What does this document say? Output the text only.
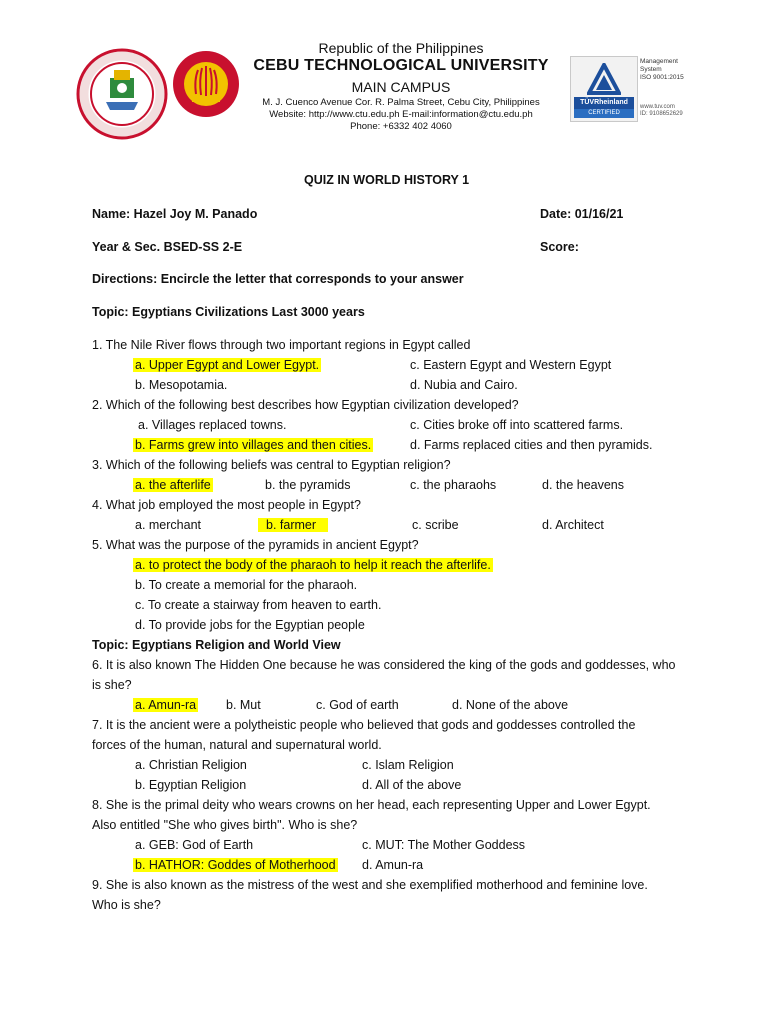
Republic of the Philippines
CEBU TECHNOLOGICAL UNIVERSITY
MAIN CAMPUS
M. J. Cuenco Avenue Cor. R. Palma Street, Cebu City, Philippines
Website: http://www.ctu.edu.ph E-mail:information@ctu.edu.ph
Phone: +6332 402 4060
TÜVRheinland
CERTIFIED
Management
System
ISO 9001:2015
www.tuv.com
ID: 9108652629
QUIZ IN WORLD HISTORY 1
Name: Hazel Joy M. Panado	Date: 01/16/21
Year & Sec. BSED-SS 2-E	Score:
Directions: Encircle the letter that corresponds to your answer
Topic: Egyptians Civilizations Last 3000 years
1. The Nile River flows through two important regions in Egypt called
a. Upper Egypt and Lower Egypt.	c. Eastern Egypt and Western Egypt
b. Mesopotamia.	d. Nubia and Cairo.
2. Which of the following best describes how Egyptian civilization developed?
a. Villages replaced towns.	c. Cities broke off into scattered farms.
b. Farms grew into villages and then cities.	d. Farms replaced cities and then pyramids.
3. Which of the following beliefs was central to Egyptian religion?
a. the afterlife	b. the pyramids	c. the pharaohs	d. the heavens
4. What job employed the most people in Egypt?
a. merchant	b. farmer	c. scribe	d. Architect
5. What was the purpose of the pyramids in ancient Egypt?
a. to protect the body of the pharaoh to help it reach the afterlife.
b. To create a memorial for the pharaoh.
c. To create a stairway from heaven to earth.
d. To provide jobs for the Egyptian people
Topic: Egyptians Religion and World View
6. It is also known The Hidden One because he was considered the king of the gods and goddesses, who
is she?
a. Amun-ra b. Mut	c. God of earth	d. None of the above
7. It is the ancient were a polytheistic people who believed that gods and goddesses controlled the
forces of the human, natural and supernatural world.
a. Christian Religion	c. Islam Religion
b. Egyptian Religion	d. All of the above
8. She is the primal deity who wears crowns on her head, each representing Upper and Lower Egypt.
Also entitled "She who gives birth". Who is she?
a. GEB: God of Earth	c. MUT: The Mother Goddess
b. HATHOR: Goddes of Motherhood d. Amun-ra
9. She is also known as the mistress of the west and she exemplified motherhood and feminine love.
Who is she?
